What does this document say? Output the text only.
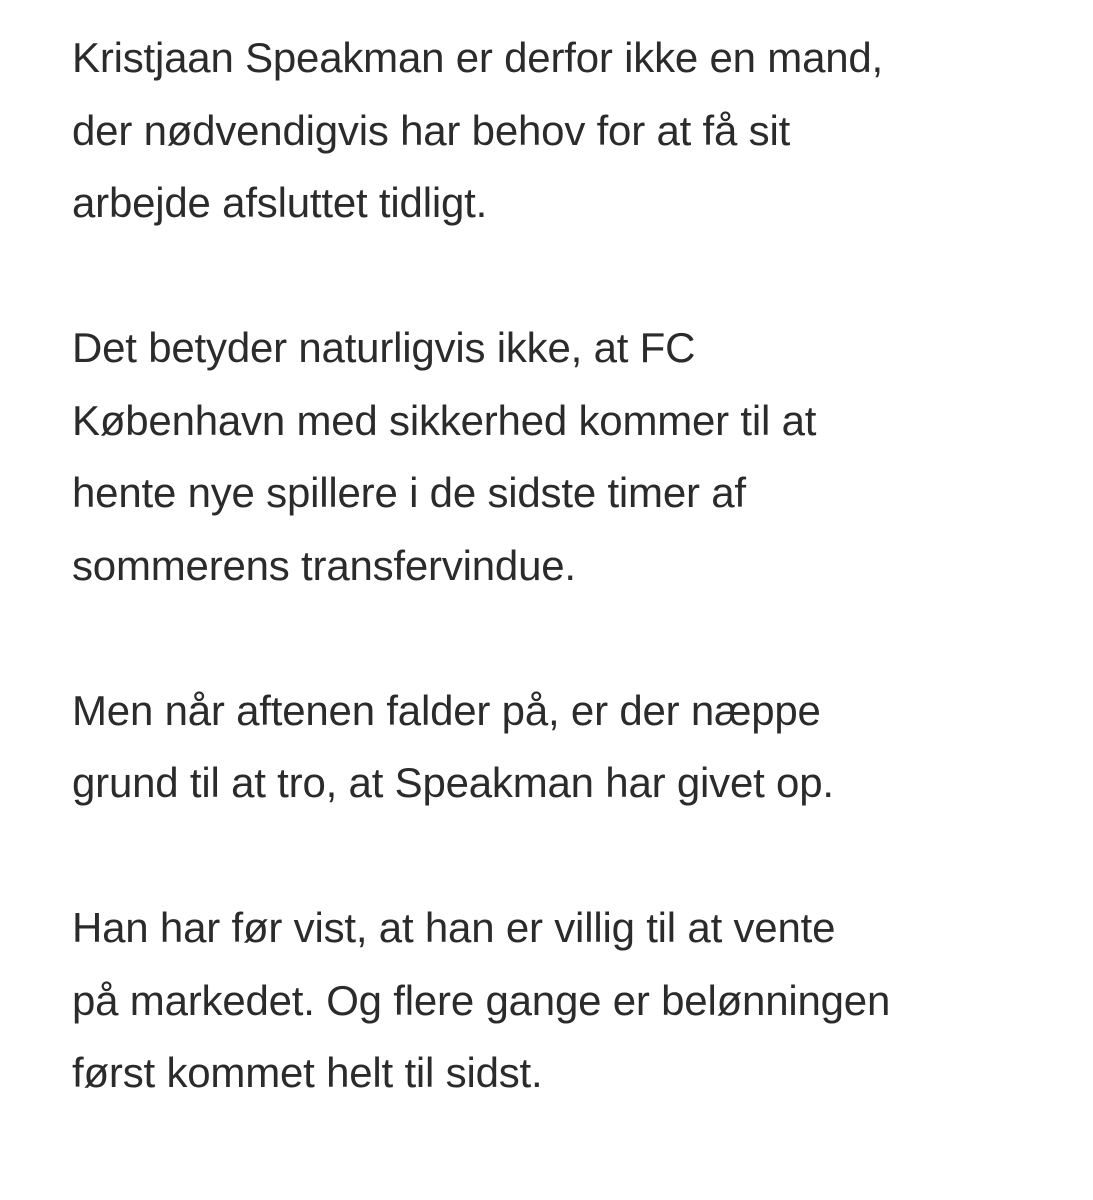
Kristjaan Speakman er derfor ikke en mand,
der nødvendigvis har behov for at få sit
arbejde afsluttet tidligt.

Det betyder naturligvis ikke, at FC
København med sikkerhed kommer til at
hente nye spillere i de sidste timer af
sommerens transfervindue.

Men når aftenen falder på, er der næppe
grund til at tro, at Speakman har givet op.

Han har før vist, at han er villig til at vente
på markedet. Og flere gange er belønningen
først kommet helt til sidst.
